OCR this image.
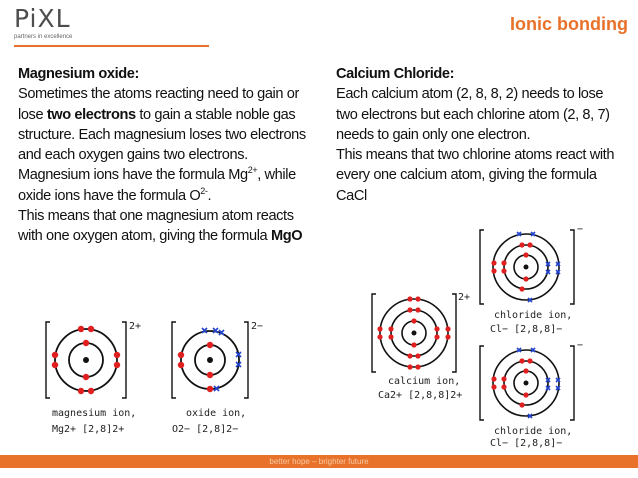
PiXL
partners in excellence
Ionic bonding

Magnesium oxide:

Sometimes the atoms reacting need to gain or lose two electrons to gain a stable noble gas structure. Each magnesium loses two electrons and each oxygen gains two electrons. Magnesium ions have the formula $Mg^{2+}$, while oxide ions have the formula $O^{2-}$.

This means that one magnesium atom reacts with one oxygen atom, giving the formula MgO

Calcium Chloride:

Each calcium atom (2, 8, 8, 2) needs to lose two electrons but each chlorine atom (2, 8, 7) needs to gain only one electron.

This means that two chlorine atoms react with every one calcium atom, giving the formula CaCl

2+
magnesium ion,
Mg2+ [2,8]2+
2−
oxide ion,
O2− [2,8]2−
−
chloride ion,
Cl− [2,8,8]−
2+
calcium ion,
Ca2+ [2,8,8]2+
−
chloride ion,
Cl− [2,8,8]−
better hope – brighter future
